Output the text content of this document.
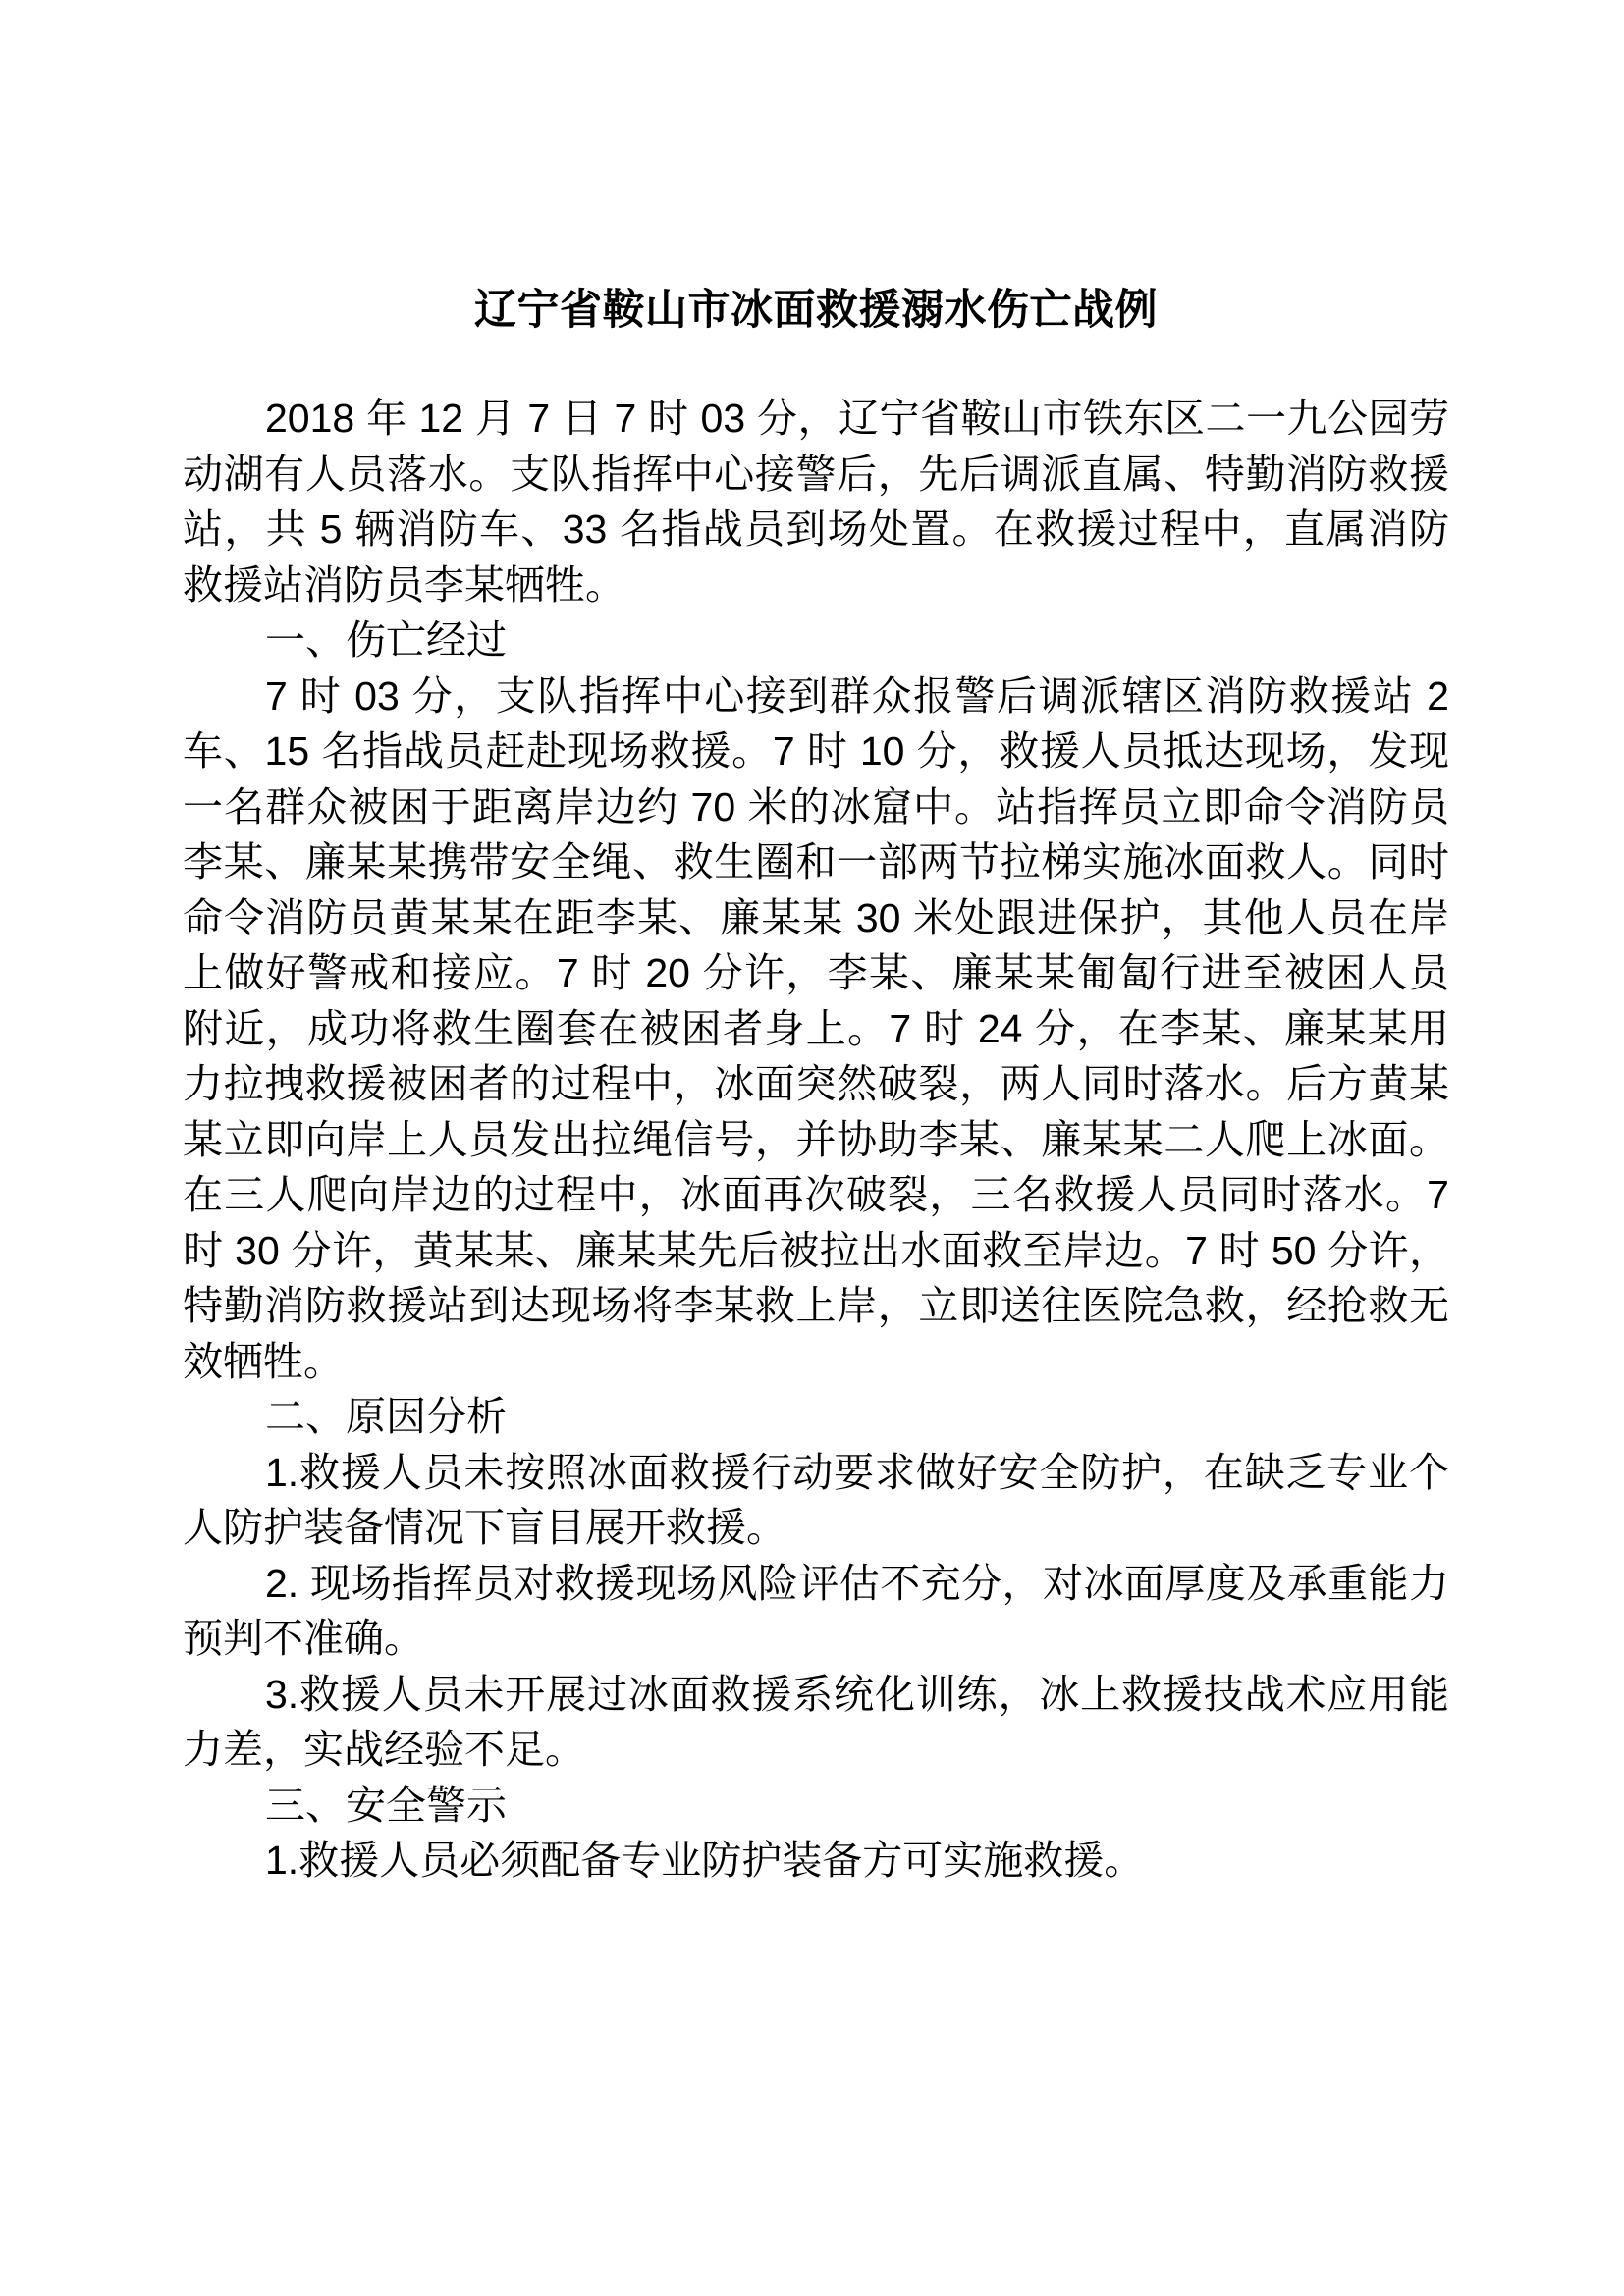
辽宁省鞍山市冰面救援溺水伤亡战例

2018 年 12 月 7 日 7 时 03 分，辽宁省鞍山市铁东区二一九公园劳动湖有人员落水。支队指挥中心接警后，先后调派直属、特勤消防救援站，共 5 辆消防车、33 名指战员到场处置。在救援过程中，直属消防救援站消防员李某牺牲。

一、伤亡经过

7 时 03 分，支队指挥中心接到群众报警后调派辖区消防救援站 2 车、15 名指战员赶赴现场救援。7 时 10 分，救援人员抵达现场，发现一名群众被困于距离岸边约 70 米的冰窟中。站指挥员立即命令消防员李某、廉某某携带安全绳、救生圈和一部两节拉梯实施冰面救人。同时命令消防员黄某某在距李某、廉某某 30 米处跟进保护，其他人员在岸上做好警戒和接应。7 时 20 分许，李某、廉某某匍匐行进至被困人员附近，成功将救生圈套在被困者身上。7 时 24 分，在李某、廉某某用力拉拽救援被困者的过程中，冰面突然破裂，两人同时落水。后方黄某某立即向岸上人员发出拉绳信号，并协助李某、廉某某二人爬上冰面。在三人爬向岸边的过程中，冰面再次破裂，三名救援人员同时落水。7 时 30 分许，黄某某、廉某某先后被拉出水面救至岸边。7 时 50 分许，特勤消防救援站到达现场将李某救上岸，立即送往医院急救，经抢救无效牺牲。

二、原因分析

1.救援人员未按照冰面救援行动要求做好安全防护，在缺乏专业个人防护装备情况下盲目展开救援。

2. 现场指挥员对救援现场风险评估不充分，对冰面厚度及承重能力预判不准确。

3.救援人员未开展过冰面救援系统化训练，冰上救援技战术应用能力差，实战经验不足。

三、安全警示

1.救援人员必须配备专业防护装备方可实施救援。
